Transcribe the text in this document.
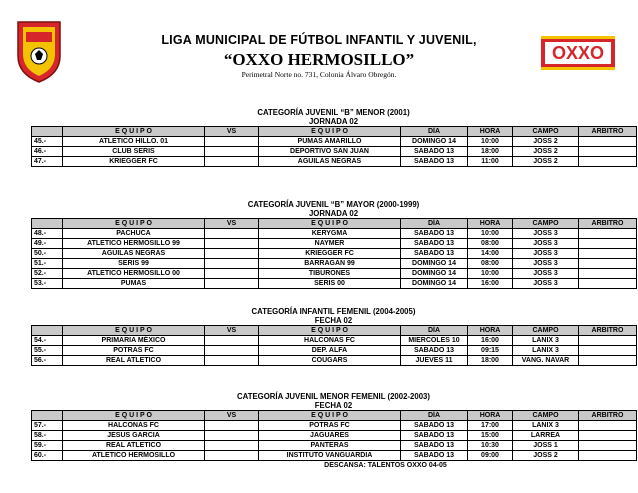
LIGA MUNICIPAL DE FÚTBOL INFANTIL Y JUVENIL,
“OXXO HERMOSILLO”
Perimetral Norte no. 731, Colonia Álvaro Obregón.
OXXO
CATEGORÍA JUVENIL “B” MENOR (2001)
JORNADA 02
	E Q U I P O	VS	E Q U I P O	DÍA	HORA	CAMPO	ARBITRO
45.-	ATLETICO HILLO. 01		PUMAS AMARILLO	DOMINGO 14	10:00	JOSS 2	
46.-	CLUB SERIS		DEPORTIVO SAN JUAN	SABADO 13	18:00	JOSS 2	
47.-	KRIEGGER FC		AGUILAS NEGRAS	SABADO 13	11:00	JOSS 2	
CATEGORÍA JUVENIL “B” MAYOR (2000-1999)
JORNADA 02
	E Q U I P O	VS	E Q U I P O	DÍA	HORA	CAMPO	ARBITRO
48.-	PACHUCA		KERYGMA	SABADO 13	10:00	JOSS 3	
49.-	ATLETICO HERMOSILLO 99		NAYMER	SABADO 13	08:00	JOSS 3	
50.-	AGUILAS NEGRAS		KRIEGGER FC	SABADO 13	14:00	JOSS 3	
51.-	SERIS 99		BARRAGAN 99	DOMINGO 14	08:00	JOSS 3	
52.-	ATLETICO HERMOSILLO 00		TIBURONES	DOMINGO 14	10:00	JOSS 3	
53.-	PUMAS		SERIS 00	DOMINGO 14	16:00	JOSS 3	
CATEGORÍA INFANTIL FEMENIL (2004-2005)
FECHA 02
	E Q U I P O	VS	E Q U I P O	DÍA	HORA	CAMPO	ARBITRO
54.-	PRIMARIA MÉXICO		HALCONAS FC	MIERCOLES 10	16:00	LANIX 3	
55.-	POTRAS FC		DEP. ALFA	SABADO 13	09:15	LANIX 3	
56.-	REAL ATLETICO		COUGARS	JUEVES 11	18:00	VANG. NAVAR	
CATEGORÍA JUVENIL MENOR FEMENIL (2002-2003)
FECHA 02
	E Q U I P O	VS	E Q U I P O	DÍA	HORA	CAMPO	ARBITRO
57.-	HALCONAS FC		POTRAS FC	SABADO 13	17:00	LANIX 3	
58.-	JESUS GARCIA		JAGUARES	SABADO 13	15:00	LARREA	
59.-	REAL ATLETICO		PANTERAS	SABADO 13	10:30	JOSS 1	
60.-	ATLETICO HERMOSILLO		INSTITUTO VANGUARDIA	SABADO 13	09:00	JOSS 2	
			DESCANSA: TALENTOS OXXO 04-05				
